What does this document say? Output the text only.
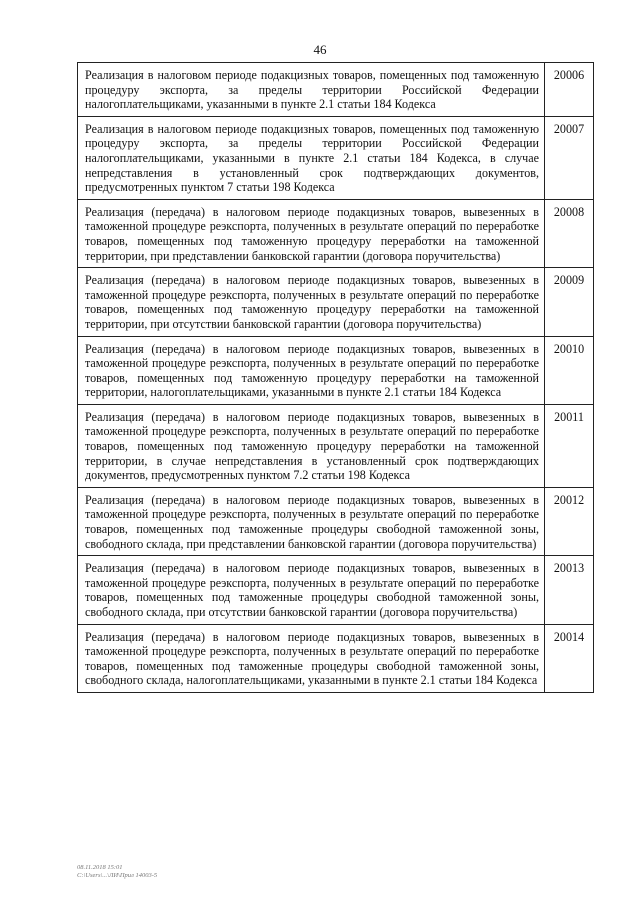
46
Реализация в налоговом периоде подакцизных товаров, помещенных под таможенную процедуру экспорта, за пределы территории Российской Федерации налогоплательщиками, указанными в пункте 2.1 статьи 184 Кодекса	20006
Реализация в налоговом периоде подакцизных товаров, помещенных под таможенную процедуру экспорта, за пределы территории Российской Федерации налогоплательщиками, указанными в пункте 2.1 статьи 184 Кодекса, в случае непредставления в установленный срок подтверждающих документов, предусмотренных пунктом 7 статьи 198 Кодекса	20007
Реализация (передача) в налоговом периоде подакцизных товаров, вывезенных в таможенной процедуре реэкспорта, полученных в результате операций по переработке товаров, помещенных под таможенную процедуру переработки на таможенной территории, при представлении банковской гарантии (договора поручительства)	20008
Реализация (передача) в налоговом периоде подакцизных товаров, вывезенных в таможенной процедуре реэкспорта, полученных в результате операций по переработке товаров, помещенных под таможенную процедуру переработки на таможенной территории, при отсутствии банковской гарантии (договора поручительства)	20009
Реализация (передача) в налоговом периоде подакцизных товаров, вывезенных в таможенной процедуре реэкспорта, полученных в результате операций по переработке товаров, помещенных под таможенную процедуру переработки на таможенной территории, налогоплательщиками, указанными в пункте 2.1 статьи 184 Кодекса	20010
Реализация (передача) в налоговом периоде подакцизных товаров, вывезенных в таможенной процедуре реэкспорта, полученных в результате операций по переработке товаров, помещенных под таможенную процедуру переработки на таможенной территории, в случае непредставления в установленный срок подтверждающих документов, предусмотренных пунктом 7.2 статьи 198 Кодекса	20011
Реализация (передача) в налоговом периоде подакцизных товаров, вывезенных в таможенной процедуре реэкспорта, полученных в результате операций по переработке товаров, помещенных под таможенные процедуры свободной таможенной зоны, свободного склада, при представлении банковской гарантии (договора поручительства)	20012
Реализация (передача) в налоговом периоде подакцизных товаров, вывезенных в таможенной процедуре реэкспорта, полученных в результате операций по переработке товаров, помещенных под таможенные процедуры свободной таможенной зоны, свободного склада, при отсутствии банковской гарантии (договора поручительства)	20013
Реализация (передача) в налоговом периоде подакцизных товаров, вывезенных в таможенной процедуре реэкспорта, полученных в результате операций по переработке товаров, помещенных под таможенные процедуры свободной таможенной зоны, свободного склада, налогоплательщиками, указанными в пункте 2.1 статьи 184 Кодекса	20014
08.11.2018 15:01
C:\Users\...\ЛИ\Прил 14003-5
